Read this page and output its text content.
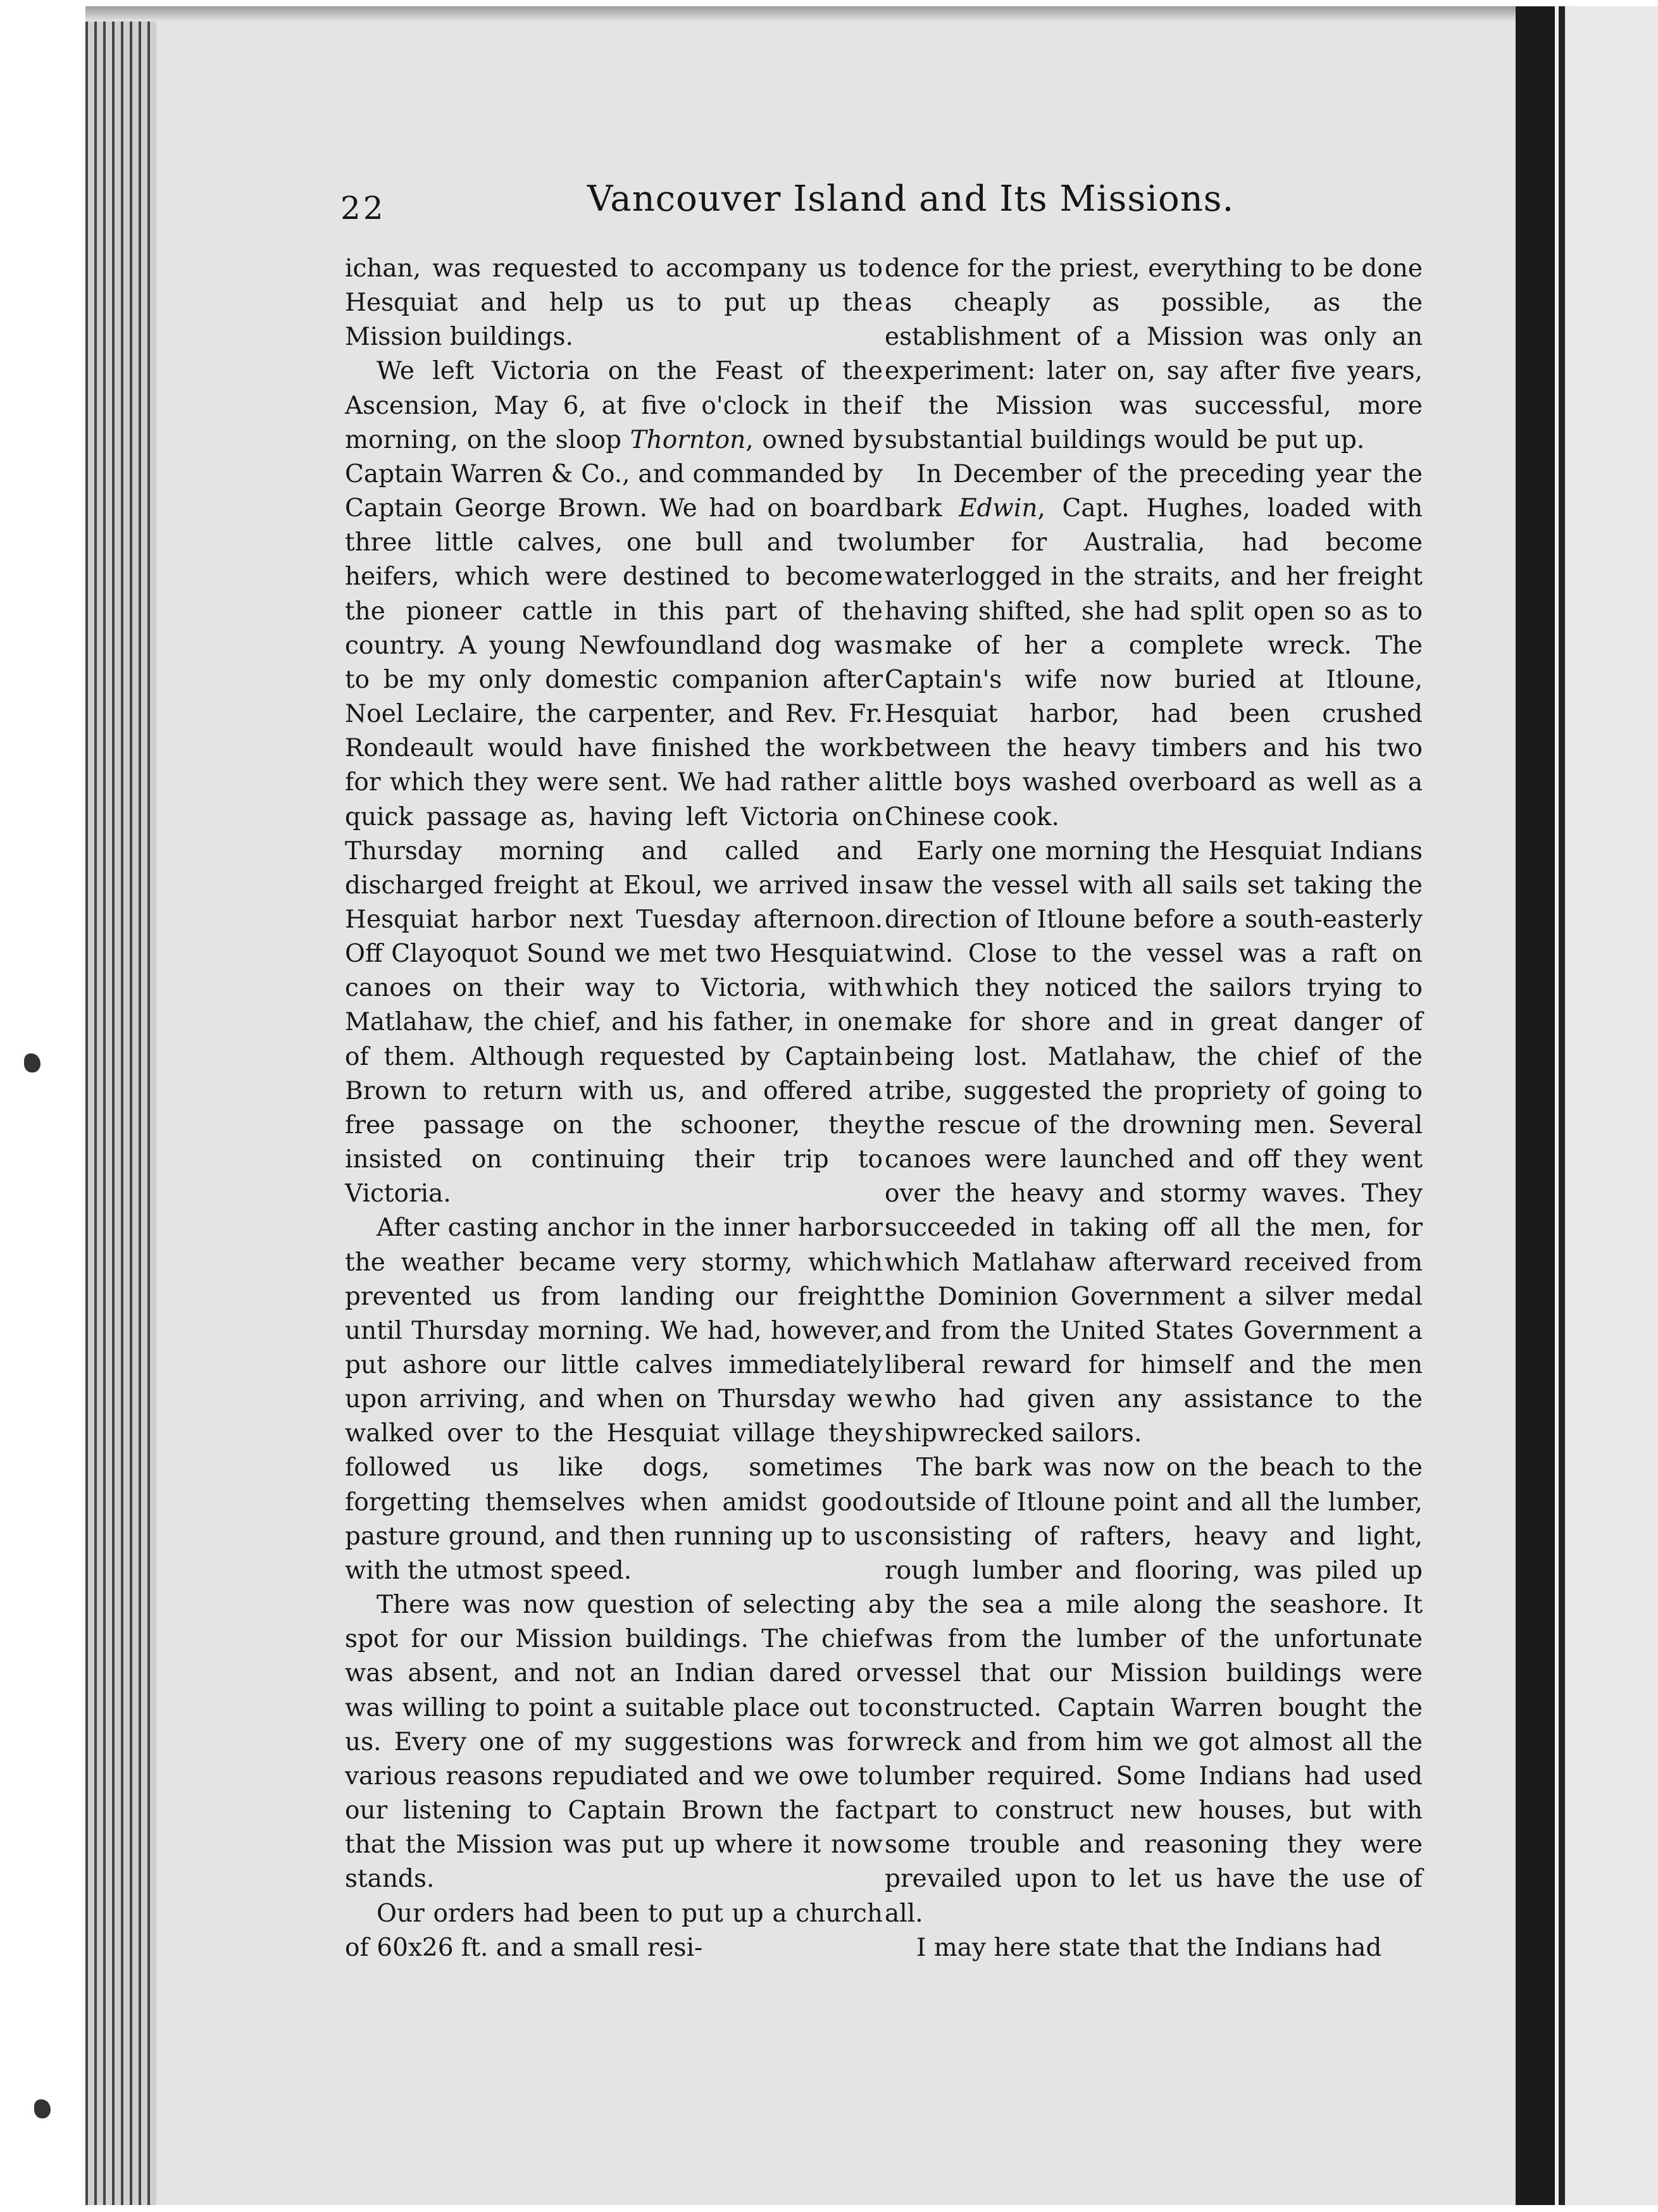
22	Vancouver Island and Its Missions.

ichan, was requested to accompany us to Hesquiat and help us to put up the Mission buildings.

We left Victoria on the Feast of the Ascension, May 6, at five o'clock in the morning, on the sloop Thornton, owned by Captain Warren & Co., and commanded by Captain George Brown. We had on board three little calves, one bull and two heifers, which were destined to become the pioneer cattle in this part of the country. A young Newfoundland dog was to be my only domestic companion after Noel Leclaire, the carpenter, and Rev. Fr. Rondeault would have finished the work for which they were sent. We had rather a quick passage as, having left Victoria on Thursday morning and called and discharged freight at Ekoul, we arrived in Hesquiat harbor next Tuesday afternoon. Off Clayoquot Sound we met two Hesquiat canoes on their way to Victoria, with Matlahaw, the chief, and his father, in one of them. Although requested by Captain Brown to return with us, and offered a free passage on the schooner, they insisted on continuing their trip to Victoria.

After casting anchor in the inner harbor the weather became very stormy, which prevented us from landing our freight until Thursday morning. We had, however, put ashore our little calves immediately upon arriving, and when on Thursday we walked over to the Hesquiat village they followed us like dogs, sometimes forgetting themselves when amidst good pasture ground, and then running up to us with the utmost speed.

There was now question of selecting a spot for our Mission buildings. The chief was absent, and not an Indian dared or was willing to point a suitable place out to us. Every one of my suggestions was for various reasons repudiated and we owe to our listening to Captain Brown the fact that the Mission was put up where it now stands.

Our orders had been to put up a church of 60x26 ft. and a small resi-

dence for the priest, everything to be done as cheaply as possible, as the establishment of a Mission was only an experiment: later on, say after five years, if the Mission was successful, more substantial buildings would be put up.

In December of the preceding year the bark Edwin, Capt. Hughes, loaded with lumber for Australia, had become waterlogged in the straits, and her freight having shifted, she had split open so as to make of her a complete wreck. The Captain's wife now buried at Itloune, Hesquiat harbor, had been crushed between the heavy timbers and his two little boys washed overboard as well as a Chinese cook.

Early one morning the Hesquiat Indians saw the vessel with all sails set taking the direction of Itloune before a south-easterly wind. Close to the vessel was a raft on which they noticed the sailors trying to make for shore and in great danger of being lost. Matlahaw, the chief of the tribe, suggested the propriety of going to the rescue of the drowning men. Several canoes were launched and off they went over the heavy and stormy waves. They succeeded in taking off all the men, for which Matlahaw afterward received from the Dominion Government a silver medal and from the United States Government a liberal reward for himself and the men who had given any assistance to the shipwrecked sailors.

The bark was now on the beach to the outside of Itloune point and all the lumber, consisting of rafters, heavy and light, rough lumber and flooring, was piled up by the sea a mile along the seashore. It was from the lumber of the unfortunate vessel that our Mission buildings were constructed. Captain Warren bought the wreck and from him we got almost all the lumber required. Some Indians had used part to construct new houses, but with some trouble and reasoning they were prevailed upon to let us have the use of all.

I may here state that the Indians had
